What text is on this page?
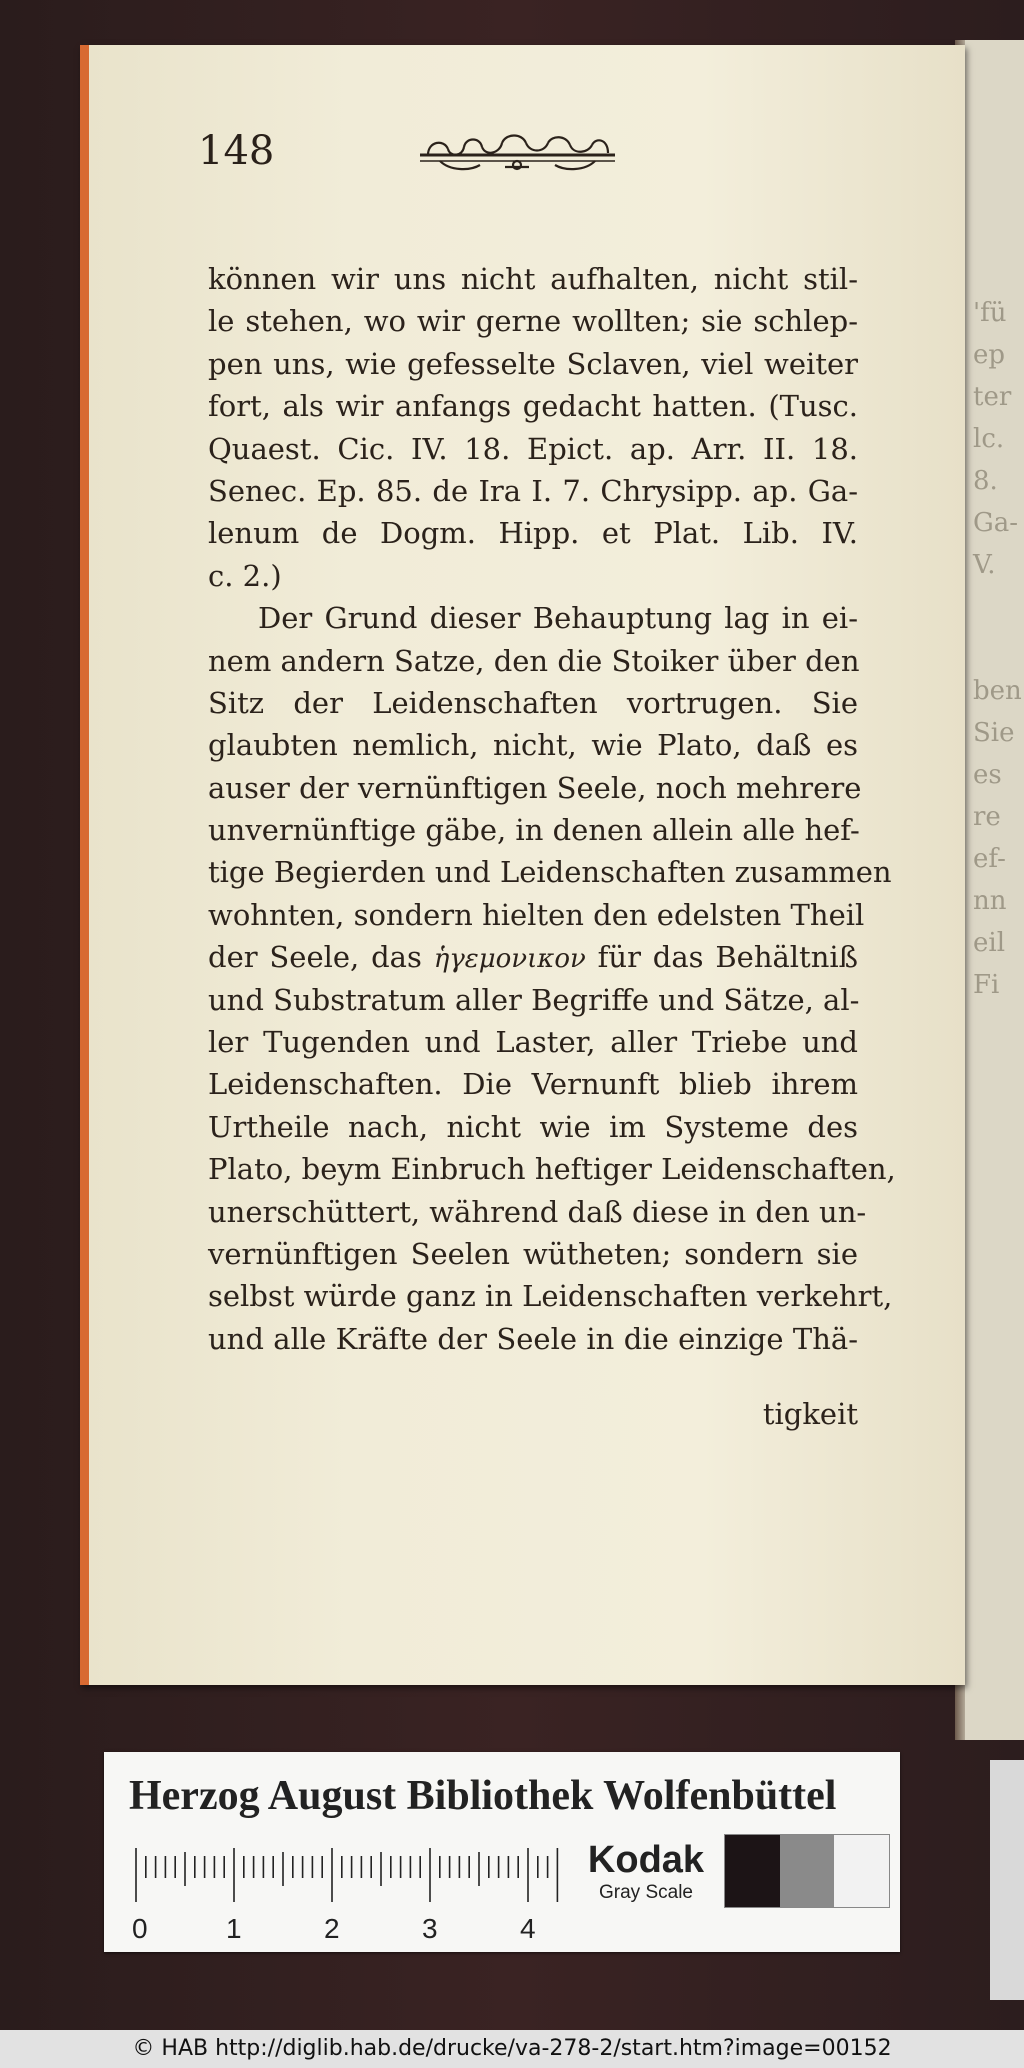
'fü
ep
ter
lc.
8.
Ga-
V.
ben
Sie
es
re
ef-
nn
eil
Fi
148
können wir uns nicht aufhalten, nicht stil-
le stehen, wo wir gerne wollten; sie schlep-
pen uns, wie gefesselte Sclaven, viel weiter
fort, als wir anfangs gedacht hatten. (Tusc.
Quaest. Cic. IV. 18. Epict. ap. Arr. II. 18.
Senec. Ep. 85. de Ira I. 7. Chrysipp. ap. Ga-
lenum de Dogm. Hipp. et Plat. Lib. IV.
c. 2.)
Der Grund dieser Behauptung lag in ei-
nem andern Satze, den die Stoiker über den
Sitz der Leidenschaften vortrugen. Sie
glaubten nemlich, nicht, wie Plato, daß es
auser der vernünftigen Seele, noch mehrere
unvernünftige gäbe, in denen allein alle hef-
tige Begierden und Leidenschaften zusammen
wohnten, sondern hielten den edelsten Theil
der Seele, das ἡγεμονικον für das Behältniß
und Substratum aller Begriffe und Sätze, al-
ler Tugenden und Laster, aller Triebe und
Leidenschaften. Die Vernunft blieb ihrem
Urtheile nach, nicht wie im Systeme des
Plato, beym Einbruch heftiger Leidenschaften,
unerschüttert, während daß diese in den un-
vernünftigen Seelen wütheten; sondern sie
selbst würde ganz in Leidenschaften verkehrt,
und alle Kräfte der Seele in die einzige Thä-
tigkeit
Herzog August Bibliothek Wolfenbüttel
0	1	2	3	4
Kodak
Gray Scale
© HAB http://diglib.hab.de/drucke/va-278-2/start.htm?image=00152
